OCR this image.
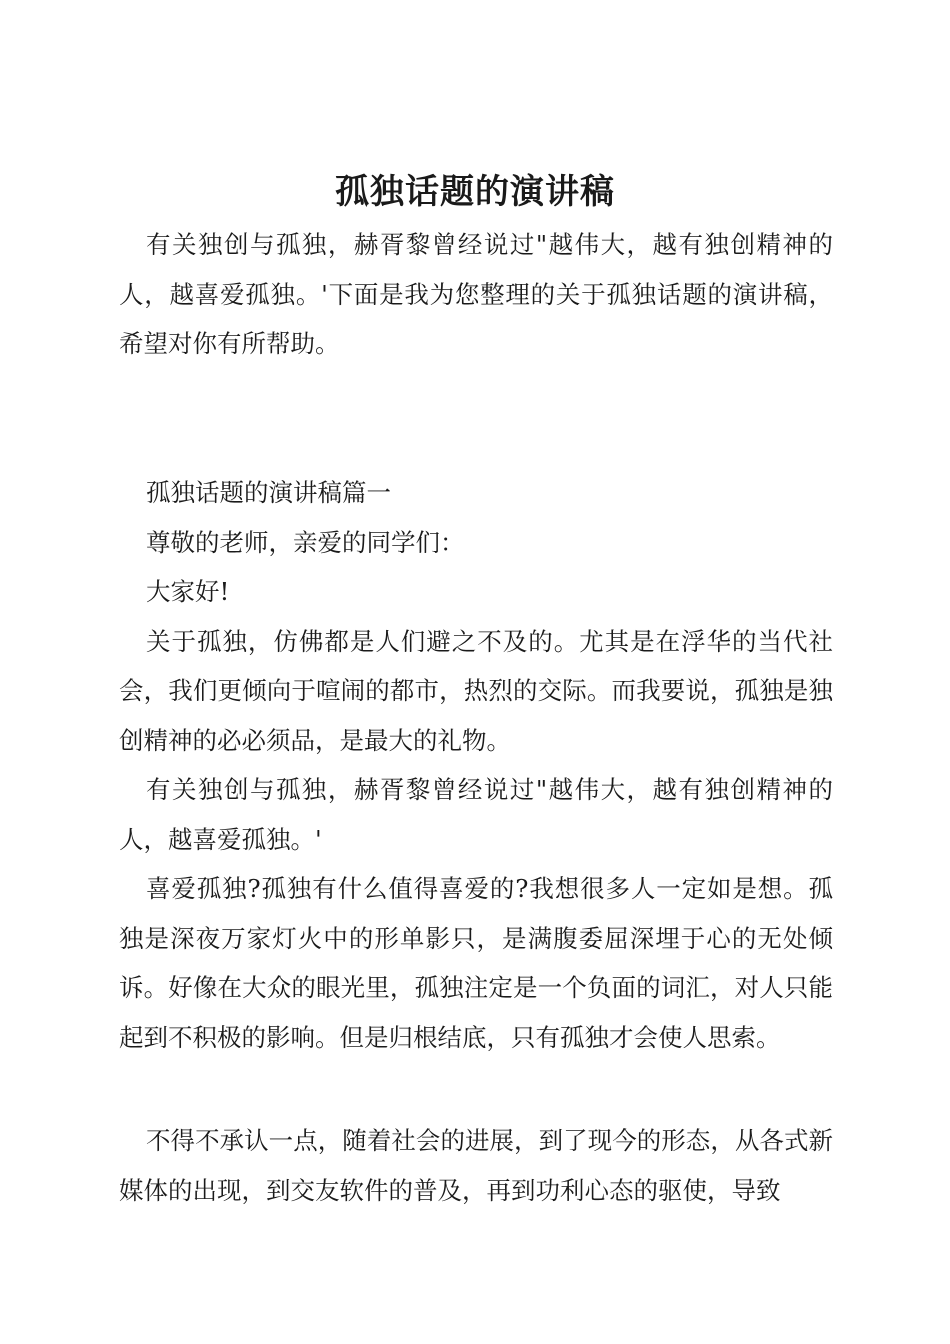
孤独话题的演讲稿

有关独创与孤独，赫胥黎曾经说过"越伟大，越有独创精神的人，越喜爱孤独。'下面是我为您整理的关于孤独话题的演讲稿，希望对你有所帮助。

孤独话题的演讲稿篇一

尊敬的老师，亲爱的同学们：

大家好!

关于孤独，仿佛都是人们避之不及的。尤其是在浮华的当代社会，我们更倾向于喧闹的都市，热烈的交际。而我要说，孤独是独创精神的必必须品，是最大的礼物。

有关独创与孤独，赫胥黎曾经说过"越伟大，越有独创精神的人，越喜爱孤独。'

喜爱孤独?孤独有什么值得喜爱的?我想很多人一定如是想。孤独是深夜万家灯火中的形单影只，是满腹委屈深埋于心的无处倾诉。好像在大众的眼光里，孤独注定是一个负面的词汇，对人只能起到不积极的影响。但是归根结底，只有孤独才会使人思索。

不得不承认一点，随着社会的进展，到了现今的形态，从各式新媒体的出现，到交友软件的普及，再到功利心态的驱使，导致
